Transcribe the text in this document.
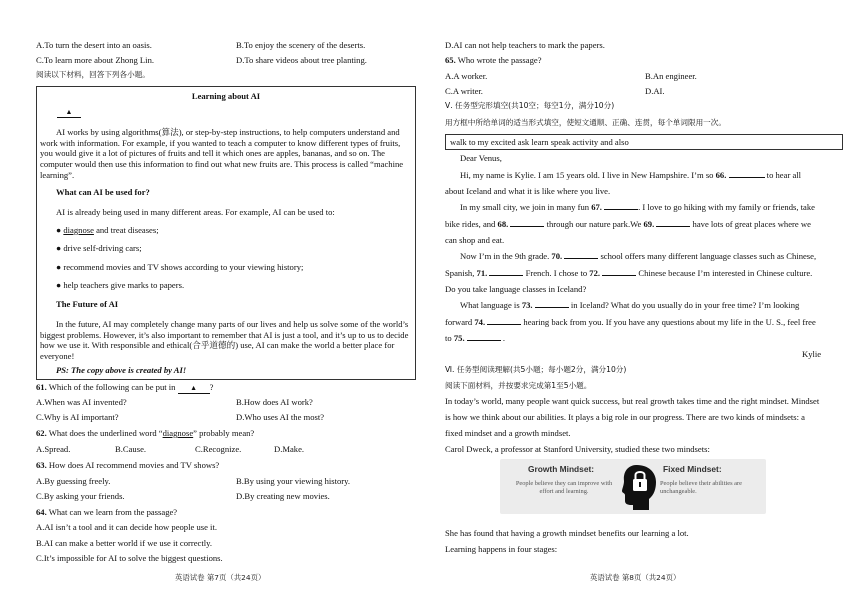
A.To turn the desert into an oasis.	B.To enjoy the scenery of the deserts.
C.To learn more about Zhong Lin.	D.To share videos about tree planting.
阅读以下材料，回答下列各小题。
Learning about AI
▲
AI works by using algorithms(算法), or step-by-step instructions, to help computers understand and work with information. For example, if you wanted to teach a computer to know different types of fruits, you would give it a lot of pictures of fruits and tell it which ones are apples, bananas, and so on. The computer would then use this information to find out what new fruits are. This process is called “machine learning”.
What can AI be used for?
AI is already being used in many different areas. For example, AI can be used to:
● diagnose and treat diseases;
● drive self-driving cars;
● recommend movies and TV shows according to your viewing history;
● help teachers give marks to papers.
The Future of AI
In the future, AI may completely change many parts of our lives and help us solve some of the world’s biggest problems. However, it’s also important to remember that AI is just a tool, and it’s up to us to decide how we use it. With responsible and ethical(合乎道德的) use, AI can make the world a better place for everyone!
PS: The copy above is created by AI!
61. Which of the following can be put in ▲ ?
A.When was AI invented?	B.How does AI work?
C.Why is AI important?	D.Who uses AI the most?
62. What does the underlined word “diagnose” probably mean?
A.Spread.	B.Cause.	C.Recognize.	D.Make.
63. How does AI recommend movies and TV shows?
A.By guessing freely.	B.By using your viewing history.
C.By asking your friends.	D.By creating new movies.
64. What can we learn from the passage?
A.AI isn’t a tool and it can decide how people use it.
B.AI can make a better world if we use it correctly.
C.It’s impossible for AI to solve the biggest questions.
英语试卷 第7页（共24页）
D.AI can not help teachers to mark the papers.
65. Who wrote the passage?
A.A worker.	B.An engineer.
C.A writer.	D.AI.
Ⅴ. 任务型完形填空(共10空；每空1分，满分10分)
用方框中所给单词的适当形式填空，使短文通顺、正确、连贯，每个单词限用一次。
walk to my excited ask learn speak activity and also
Dear Venus,
Hi, my name is Kylie. I am 15 years old. I live in New Hampshire. I’m so 66.	to hear all
about Iceland and what it is like where you live.
In my small city, we join in many fun 67.	. I love to go hiking with my family or friends, take
bike rides, and 68.	through our nature park.We 69.	have lots of great places where we
can shop and eat.
Now I’m in the 9th grade. 70.	school offers many different language classes such as Chinese,
Spanish, 71.	French. I chose to 72.	Chinese because I’m interested in Chinese culture.
Do you take language classes in Iceland?
What language is 73.	in Iceland? What do you usually do in your free time? I’m looking
forward 74.	hearing back from you. If you have any questions about my life in the U. S., feel free
to 75.	.
Kylie
Ⅵ. 任务型阅读理解(共5小题；每小题2分，满分10分)
阅读下面材料，并按要求完成第1至5小题。
In today’s world, many people want quick success, but real growth takes time and the right mindset. Mindset
is how we think about our abilities. It plays a big role in our progress. There are two kinds of mindsets: a
fixed mindset and a growth mindset.
Carol Dweck, a professor at Stanford University, studied these two mindsets:
She has found that having a growth mindset benefits our learning a lot.
Learning happens in four stages:
英语试卷 第8页（共24页）
Growth Mindset:
People believe they can improve with effort and learning.
Fixed Mindset:
People believe their abilities are unchangeable.
